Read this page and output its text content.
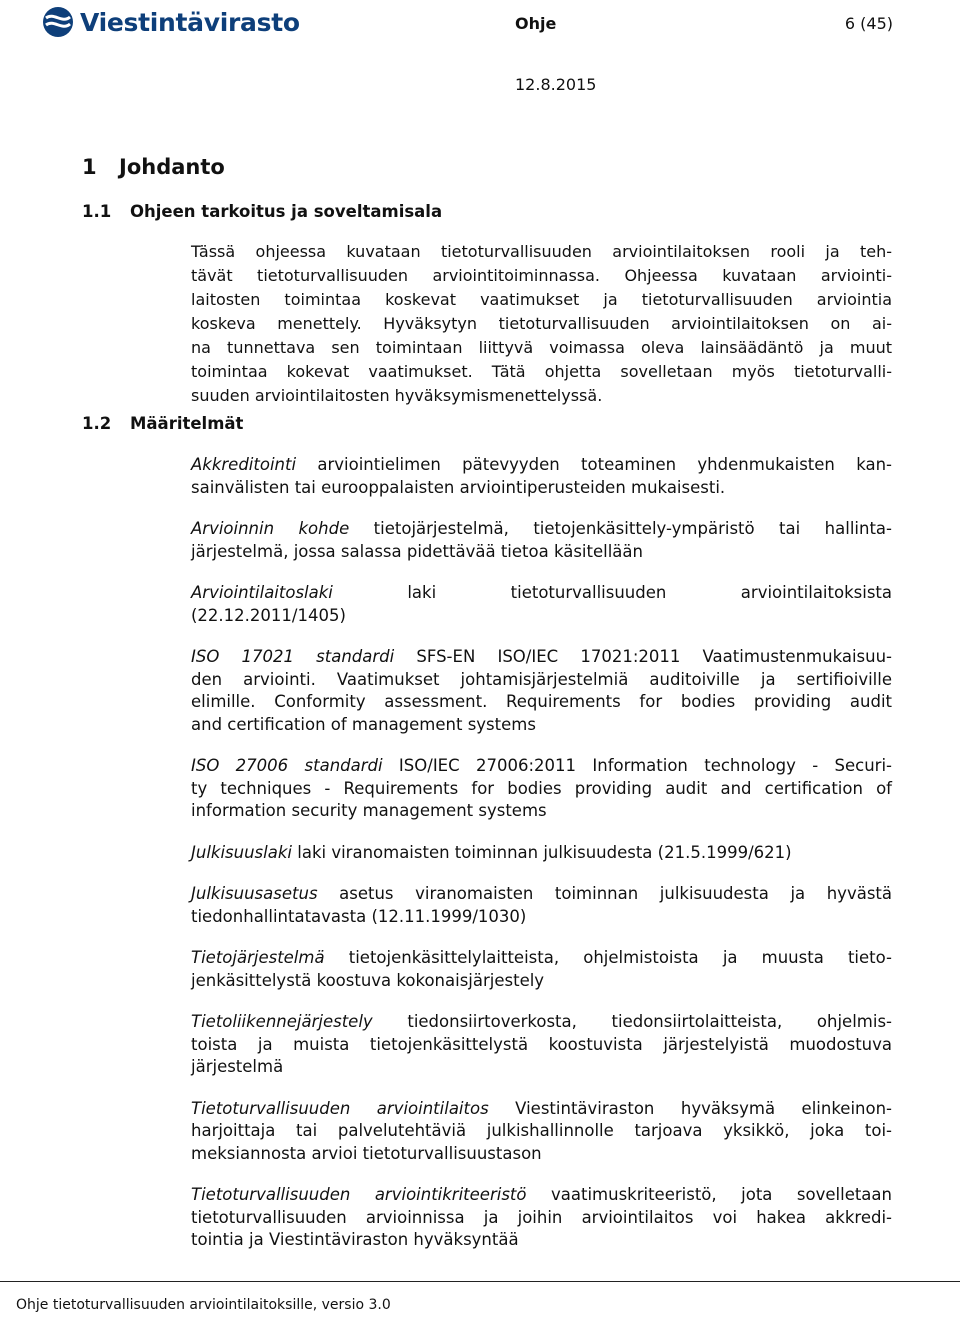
Viestintävirasto	Ohje	6 (45)
12.8.2015
1 Johdanto
1.1 Ohjeen tarkoitus ja soveltamisala
Tässä ohjeessa kuvataan tietoturvallisuuden arviointilaitoksen rooli ja teh-
tävät tietoturvallisuuden arviointitoiminnassa. Ohjeessa kuvataan arviointi-
laitosten toimintaa koskevat vaatimukset ja tietoturvallisuuden arviointia
koskeva menettely. Hyväksytyn tietoturvallisuuden arviointilaitoksen on ai-
na tunnettava sen toimintaan liittyvä voimassa oleva lainsäädäntö ja muut
toimintaa kokevat vaatimukset. Tätä ohjetta sovelletaan myös tietoturvalli-
suuden arviointilaitosten hyväksymismenettelyssä.
1.2 Määritelmät
Akkreditointi arviointielimen pätevyyden toteaminen yhdenmukaisten kan-
sainvälisten tai eurooppalaisten arviointiperusteiden mukaisesti.
Arvioinnin kohde tietojärjestelmä, tietojenkäsittely-ympäristö tai hallinta-
järjestelmä, jossa salassa pidettävää tietoa käsitellään
Arviointilaitoslaki laki tietoturvallisuuden arviointilaitoksista
(22.12.2011/1405)
ISO 17021 standardi SFS-EN ISO/IEC 17021:2011 Vaatimustenmukaisuu-
den arviointi. Vaatimukset johtamisjärjestelmiä auditoiville ja sertifioiville
elimille. Conformity assessment. Requirements for bodies providing audit
and certification of management systems
ISO 27006 standardi ISO/IEC 27006:2011 Information technology - Securi-
ty techniques - Requirements for bodies providing audit and certification of
information security management systems
Julkisuuslaki laki viranomaisten toiminnan julkisuudesta (21.5.1999/621)
Julkisuusasetus asetus viranomaisten toiminnan julkisuudesta ja hyvästä
tiedonhallintatavasta (12.11.1999/1030)
Tietojärjestelmä tietojenkäsittelylaitteista, ohjelmistoista ja muusta tieto-
jenkäsittelystä koostuva kokonaisjärjestely
Tietoliikennejärjestely tiedonsiirtoverkosta, tiedonsiirtolaitteista, ohjelmis-
toista ja muista tietojenkäsittelystä koostuvista järjestelyistä muodostuva
järjestelmä
Tietoturvallisuuden arviointilaitos Viestintäviraston hyväksymä elinkeinon-
harjoittaja tai palvelutehtäviä julkishallinnolle tarjoava yksikkö, joka toi-
meksiannosta arvioi tietoturvallisuustason
Tietoturvallisuuden arviointikriteeristö vaatimuskriteeristö, jota sovelletaan
tietoturvallisuuden arvioinnissa ja joihin arviointilaitos voi hakea akkredi-
tointia ja Viestintäviraston hyväksyntää
Ohje tietoturvallisuuden arviointilaitoksille, versio 3.0
